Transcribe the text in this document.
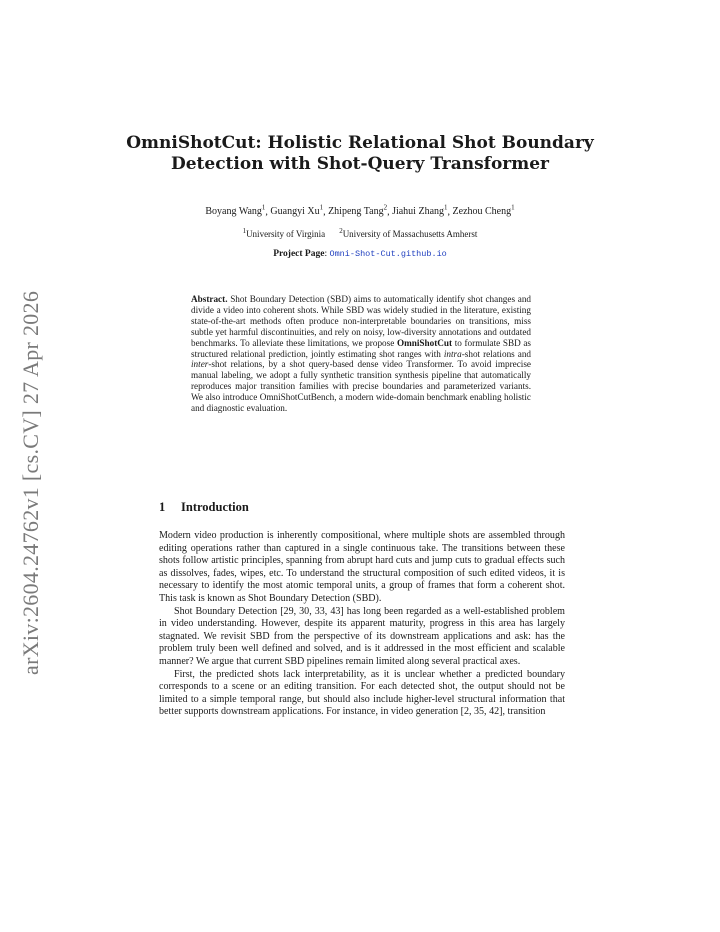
arXiv:2604.24762v1 [cs.CV] 27 Apr 2026
OmniShotCut: Holistic Relational Shot Boundary
Detection with Shot-Query Transformer
Boyang Wang$^1$, Guangyi Xu$^1$, Zhipeng Tang$^2$, Jiahui Zhang$^1$, Zezhou Cheng$^1$
$^1$University of Virginia $^2$University of Massachusetts Amherst
Project Page: Omni-Shot-Cut.github.io
Abstract. Shot Boundary Detection (SBD) aims to automatically identify shot changes and divide a video into coherent shots. While SBD was widely studied in the literature, existing state-of-the-art methods often produce non-interpretable boundaries on transitions, miss subtle yet harmful discontinuities, and rely on noisy, low-diversity annotations and outdated benchmarks. To alleviate these limitations, we propose OmniShotCut to formulate SBD as structured relational prediction, jointly estimating shot ranges with intra-shot relations and inter-shot relations, by a shot query-based dense video Transformer. To avoid imprecise manual labeling, we adopt a fully synthetic transition synthesis pipeline that automatically reproduces major transition families with precise boundaries and parameterized variants. We also introduce OmniShotCutBench, a modern wide-domain benchmark enabling holistic and diagnostic evaluation.
1 Introduction

Modern video production is inherently compositional, where multiple shots are assembled through editing operations rather than captured in a single continuous take. The transitions between these shots follow artistic principles, spanning from abrupt hard cuts and jump cuts to gradual effects such as dissolves, fades, wipes, etc. To understand the structural composition of such edited videos, it is necessary to identify the most atomic temporal units, a group of frames that form a coherent shot. This task is known as Shot Boundary Detection (SBD).

Shot Boundary Detection [29, 30, 33, 43] has long been regarded as a well-established problem in video understanding. However, despite its apparent maturity, progress in this area has largely stagnated. We revisit SBD from the perspective of its downstream applications and ask: has the problem truly been well defined and solved, and is it addressed in the most efficient and scalable manner? We argue that current SBD pipelines remain limited along several practical axes.

First, the predicted shots lack interpretability, as it is unclear whether a predicted boundary corresponds to a scene or an editing transition. For each detected shot, the output should not be limited to a simple temporal range, but should also include higher-level structural information that better supports downstream applications. For instance, in video generation [2, 35, 42], transition
